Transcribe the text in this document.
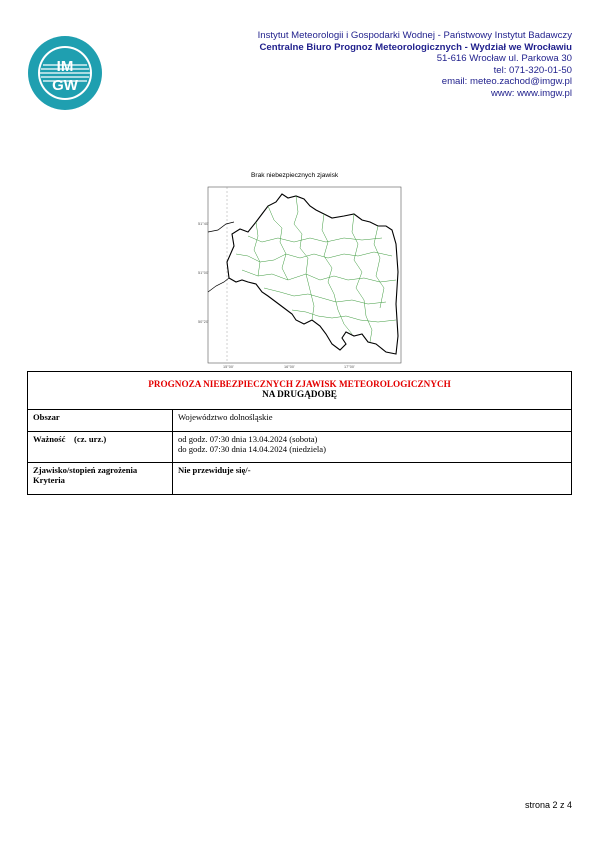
IM
GW
Instytut Meteorologii i Gospodarki Wodnej - Państwowy Instytut Badawczy
Centralne Biuro Prognoz Meteorologicznych - Wydział we Wrocławiu
51-616 Wrocław ul. Parkowa 30
tel: 071-320-01-50
email: meteo.zachod@imgw.pl
www: www.imgw.pl
Brak niebezpiecznych zjawisk
51°40'
51°00'
50°20'
15°00'	16°00'	17°00'
PROGNOZA NIEBEZPIECZNYCH ZJAWISK METEOROLOGICZNYCH
NA DRUGĄDOBĘ	

Obszar	Województwo dolnośląskie
Ważność    (cz. urz.)	od godz. 07:30 dnia 13.04.2024 (sobota)
do godz. 07:30 dnia 14.04.2024 (niedziela)

Zjawisko/stopień zagrożenia
Kryteria	Nie przewiduje się/-
strona 2 z 4
